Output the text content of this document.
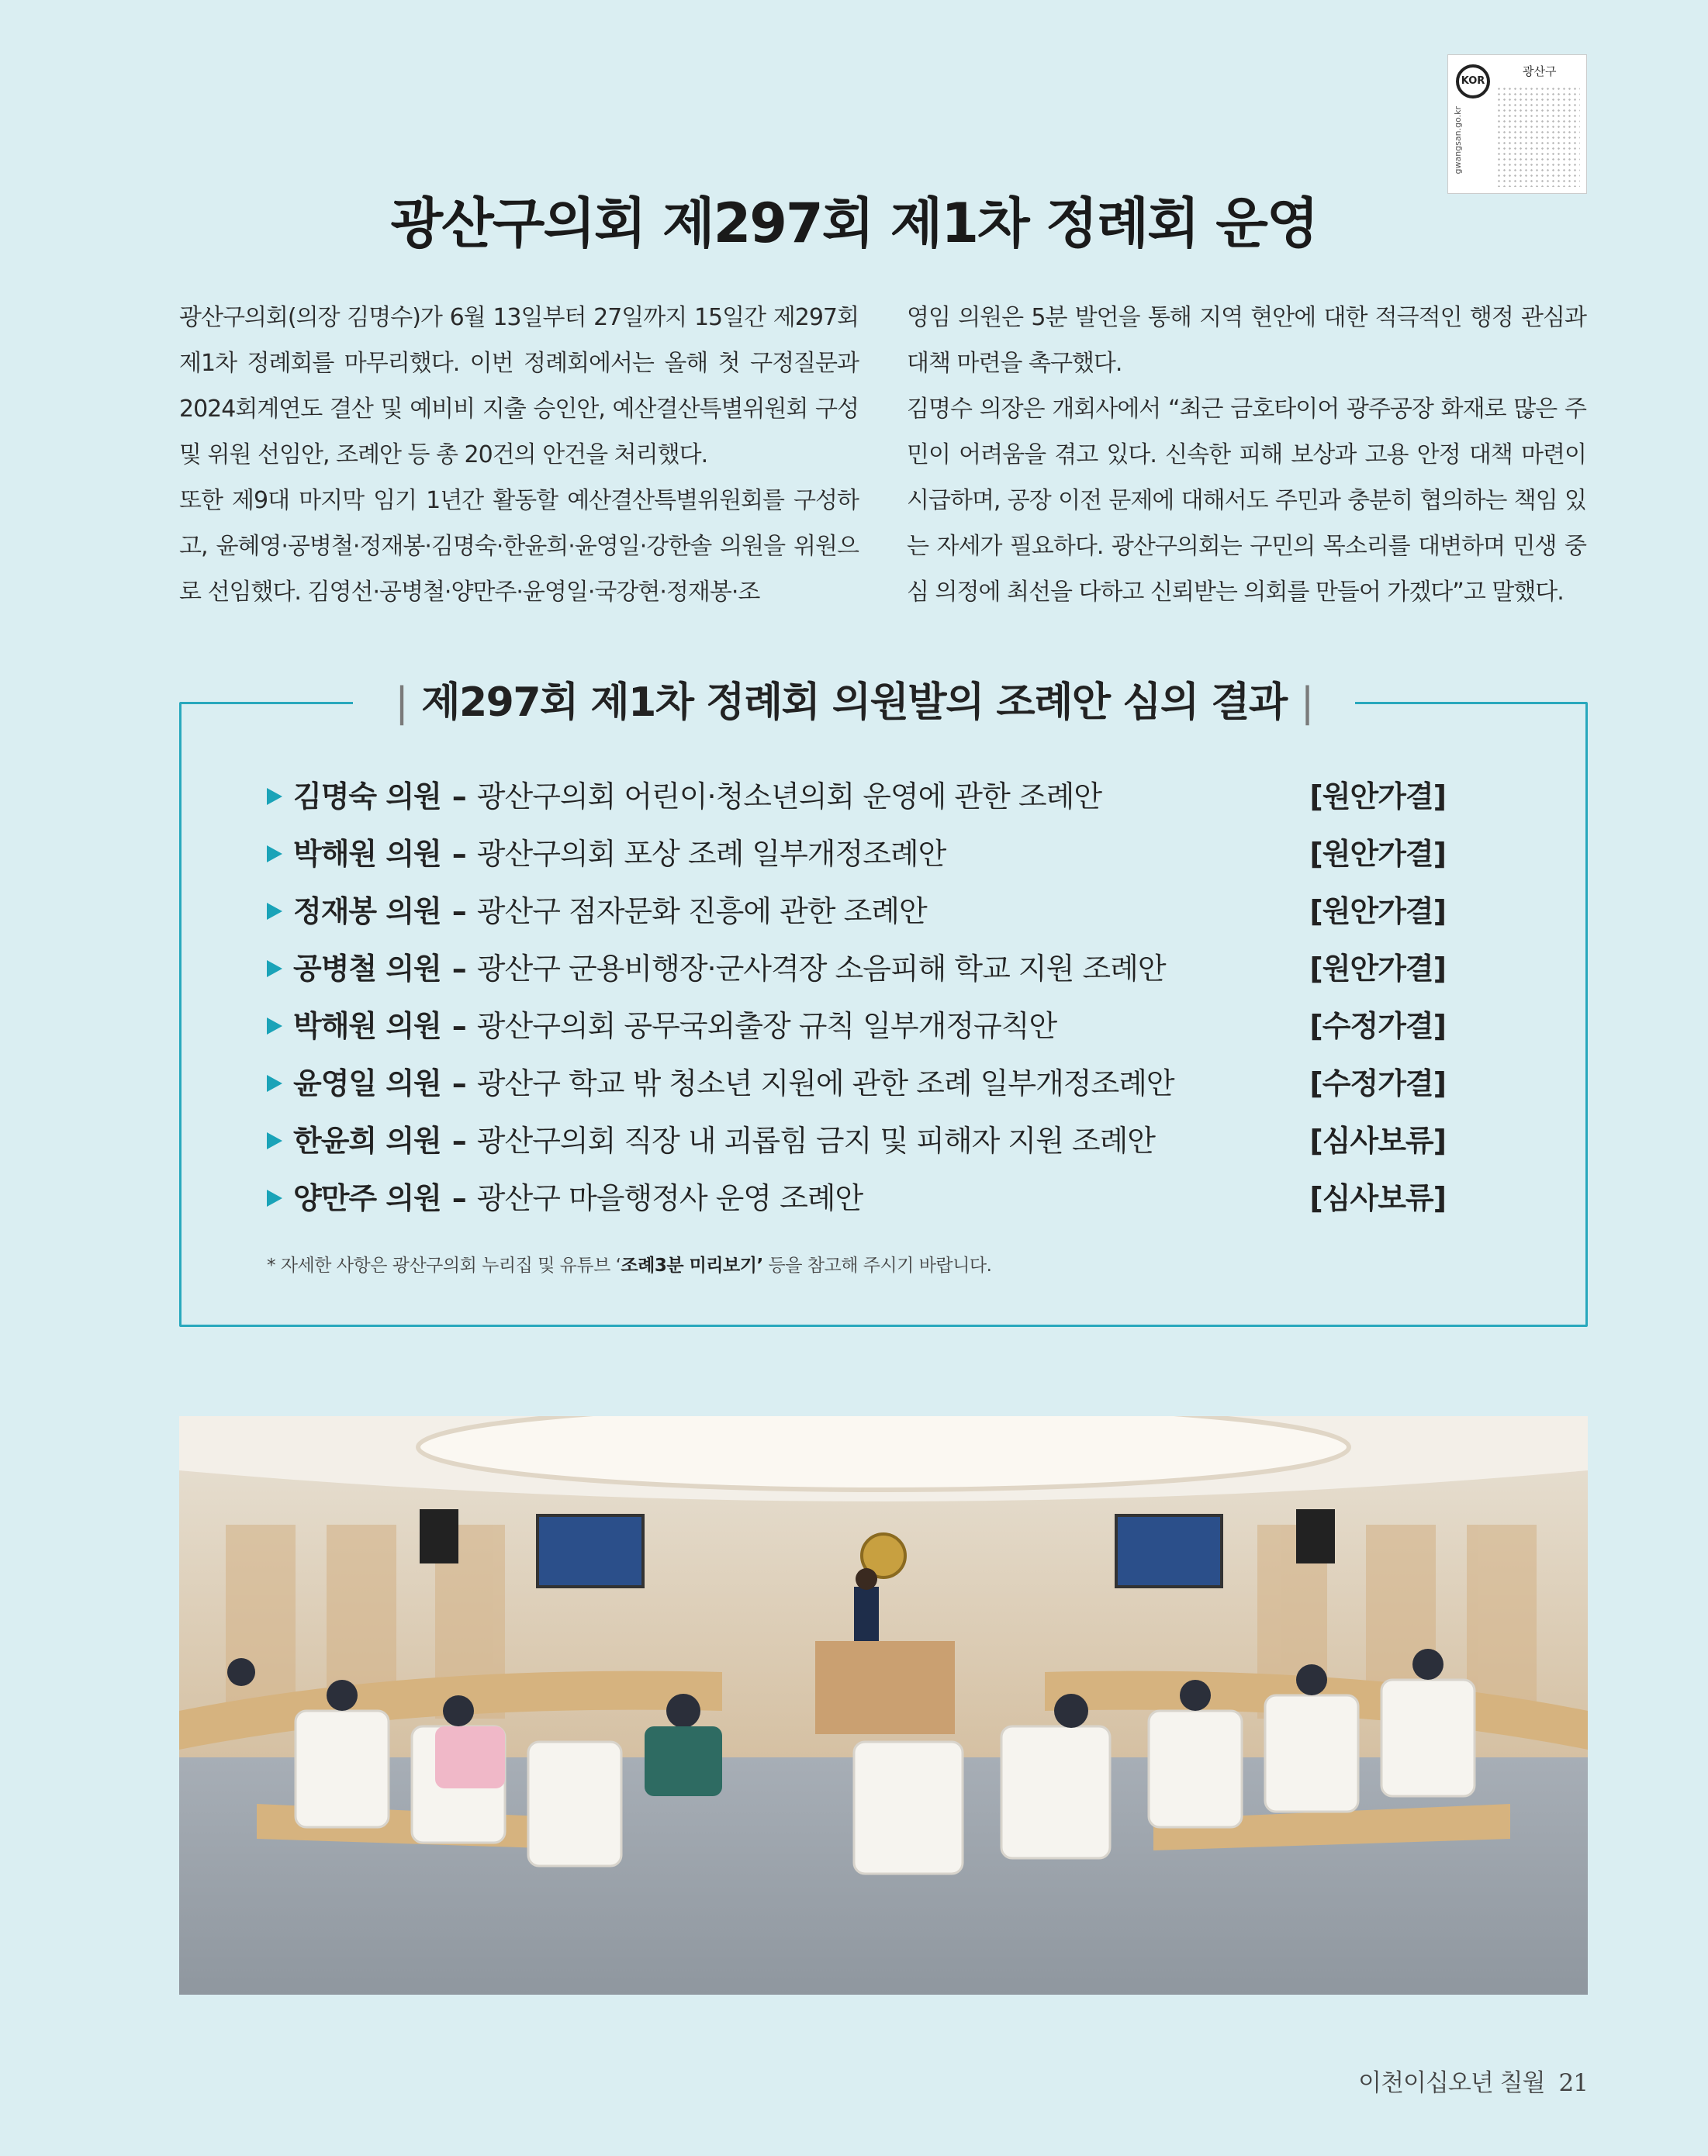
KOR
광산구
gwangsan.go.kr
광산구의회 제297회 제1차 정례회 운영

광산구의회(의장 김명수)가 6월 13일부터 27일까지 15일간 제297회 제1차 정례회를 마무리했다. 이번 정례회에서는 올해 첫 구정질문과 2024회계연도 결산 및 예비비 지출 승인안, 예산결산특별위원회 구성 및 위원 선임안, 조례안 등 총 20건의 안건을 처리했다.

또한 제9대 마지막 임기 1년간 활동할 예산결산특별위원회를 구성하고, 윤혜영·공병철·정재봉·김명숙·한윤희·윤영일·강한솔 의원을 위원으로 선임했다. 김영선·공병철·양만주·윤영일·국강현·정재봉·조

영임 의원은 5분 발언을 통해 지역 현안에 대한 적극적인 행정 관심과 대책 마련을 촉구했다.

김명수 의장은 개회사에서 “최근 금호타이어 광주공장 화재로 많은 주민이 어려움을 겪고 있다. 신속한 피해 보상과 고용 안정 대책 마련이 시급하며, 공장 이전 문제에 대해서도 주민과 충분히 협의하는 책임 있는 자세가 필요하다. 광산구의회는 구민의 목소리를 대변하며 민생 중심 의정에 최선을 다하고 신뢰받는 의회를 만들어 가겠다”고 말했다.

| 제297회 제1차 정례회 의원발의 조례안 심의 결과 |
김명숙 의원 – 광산구의회 어린이·청소년의회 운영에 관한 조례안	[원안가결]
박해원 의원 – 광산구의회 포상 조례 일부개정조례안	[원안가결]
정재봉 의원 – 광산구 점자문화 진흥에 관한 조례안	[원안가결]
공병철 의원 – 광산구 군용비행장·군사격장 소음피해 학교 지원 조례안	[원안가결]
박해원 의원 – 광산구의회 공무국외출장 규칙 일부개정규칙안	[수정가결]
윤영일 의원 – 광산구 학교 밖 청소년 지원에 관한 조례 일부개정조례안	[수정가결]
한윤희 의원 – 광산구의회 직장 내 괴롭힘 금지 및 피해자 지원 조례안	[심사보류]
양만주 의원 – 광산구 마을행정사 운영 조례안	[심사보류]
* 자세한 사항은 광산구의회 누리집 및 유튜브 ‘조례3분 미리보기’ 등을 참고해 주시기 바랍니다.
이천이십오년 칠월 21
